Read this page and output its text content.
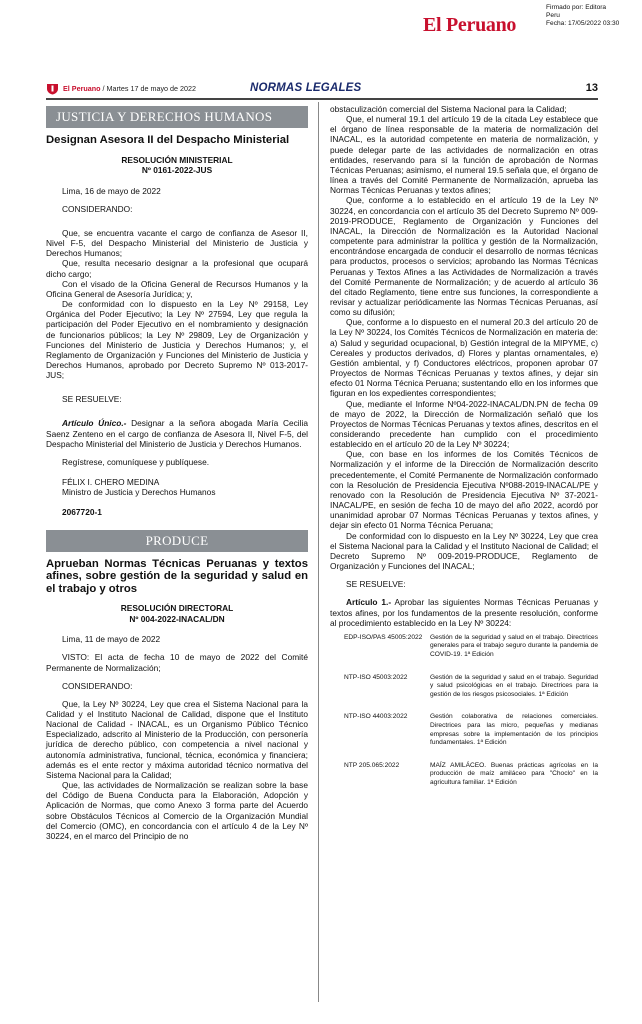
El Peruano
Firmado por: Editora
Peru
Fecha: 17/05/2022 03:30
El Peruano / Martes 17 de mayo de 2022	NORMAS LEGALES	13
JUSTICIA Y DERECHOS HUMANOS
Designan Asesora II del Despacho Ministerial
RESOLUCIÓN MINISTERIAL
Nº 0161-2022-JUS

Lima, 16 de mayo de 2022

CONSIDERANDO:

Que, se encuentra vacante el cargo de confianza de Asesor II, Nivel F-5, del Despacho Ministerial del Ministerio de Justicia y Derechos Humanos;

Que, resulta necesario designar a la profesional que ocupará dicho cargo;

Con el visado de la Oficina General de Recursos Humanos y la Oficina General de Asesoría Jurídica; y,

De conformidad con lo dispuesto en la Ley Nº 29158, Ley Orgánica del Poder Ejecutivo; la Ley Nº 27594, Ley que regula la participación del Poder Ejecutivo en el nombramiento y designación de funcionarios públicos; la Ley Nº 29809, Ley de Organización y Funciones del Ministerio de Justicia y Derechos Humanos; y, el Reglamento de Organización y Funciones del Ministerio de Justicia y Derechos Humanos, aprobado por Decreto Supremo Nº 013-2017-JUS;

SE RESUELVE:

Artículo Único.- Designar a la señora abogada María Cecilia Saenz Zenteno en el cargo de confianza de Asesora II, Nivel F-5, del Despacho Ministerial del Ministerio de Justicia y Derechos Humanos.

Regístrese, comuníquese y publíquese.

FÉLIX I. CHERO MEDINA
Ministro de Justicia y Derechos Humanos
2067720-1
PRODUCE
Aprueban Normas Técnicas Peruanas y textos afines, sobre gestión de la seguridad y salud en el trabajo y otros
RESOLUCIÓN DIRECTORAL
Nº 004-2022-INACAL/DN

Lima, 11 de mayo de 2022

VISTO: El acta de fecha 10 de mayo de 2022 del Comité Permanente de Normalización;

CONSIDERANDO:

Que, la Ley Nº 30224, Ley que crea el Sistema Nacional para la Calidad y el Instituto Nacional de Calidad, dispone que el Instituto Nacional de Calidad - INACAL, es un Organismo Público Técnico Especializado, adscrito al Ministerio de la Producción, con personería jurídica de derecho público, con competencia a nivel nacional y autonomía administrativa, funcional, técnica, económica y financiera; además es el ente rector y máxima autoridad técnico normativa del Sistema Nacional para la Calidad;

Que, las actividades de Normalización se realizan sobre la base del Código de Buena Conducta para la Elaboración, Adopción y Aplicación de Normas, que como Anexo 3 forma parte del Acuerdo sobre Obstáculos Técnicos al Comercio de la Organización Mundial del Comercio (OMC), en concordancia con el artículo 4 de la Ley Nº 30224, en el marco del Principio de no

obstaculización comercial del Sistema Nacional para la Calidad;

Que, el numeral 19.1 del artículo 19 de la citada Ley establece que el órgano de línea responsable de la materia de normalización del INACAL, es la autoridad competente en materia de normalización, y puede delegar parte de las actividades de normalización en otras entidades, reservando para sí la función de aprobación de Normas Técnicas Peruanas; asimismo, el numeral 19.5 señala que, el órgano de línea a través del Comité Permanente de Normalización, aprueba las Normas Técnicas Peruanas y textos afines;

Que, conforme a lo establecido en el artículo 19 de la Ley Nº 30224, en concordancia con el artículo 35 del Decreto Supremo Nº 009-2019-PRODUCE, Reglamento de Organización y Funciones del INACAL, la Dirección de Normalización es la Autoridad Nacional competente para administrar la política y gestión de la Normalización, encontrándose encargada de conducir el desarrollo de normas técnicas para productos, procesos o servicios; aprobando las Normas Técnicas Peruanas y Textos Afines a las Actividades de Normalización a través del Comité Permanente de Normalización; y de acuerdo al artículo 36 del citado Reglamento, tiene entre sus funciones, la correspondiente a revisar y actualizar periódicamente las Normas Técnicas Peruanas, así como su difusión;

Que, conforme a lo dispuesto en el numeral 20.3 del artículo 20 de la Ley Nº 30224, los Comités Técnicos de Normalización en materia de: a) Salud y seguridad ocupacional, b) Gestión integral de la MIPYME, c) Cereales y productos derivados, d) Flores y plantas ornamentales, e) Gestión ambiental, y f) Conductores eléctricos, proponen aprobar 07 Proyectos de Normas Técnicas Peruanas y textos afines, y dejar sin efecto 01 Norma Técnica Peruana; sustentando ello en los informes que figuran en los expedientes correspondientes;

Que, mediante el Informe Nº04-2022-INACAL/DN.PN de fecha 09 de mayo de 2022, la Dirección de Normalización señaló que los Proyectos de Normas Técnicas Peruanas y textos afines, descritos en el considerando precedente han cumplido con el procedimiento establecido en el artículo 20 de la Ley Nº 30224;

Que, con base en los informes de los Comités Técnicos de Normalización y el informe de la Dirección de Normalización descrito precedentemente, el Comité Permanente de Normalización conformado con la Resolución de Presidencia Ejecutiva Nº088-2019-INACAL/PE y renovado con la Resolución de Presidencia Ejecutiva Nº 37-2021-INACAL/PE, en sesión de fecha 10 de mayo del año 2022, acordó por unanimidad aprobar 07 Normas Técnicas Peruanas y textos afines, y dejar sin efecto 01 Norma Técnica Peruana;

De conformidad con lo dispuesto en la Ley Nº 30224, Ley que crea el Sistema Nacional para la Calidad y el Instituto Nacional de Calidad; el Decreto Supremo Nº 009-2019-PRODUCE, Reglamento de Organización y Funciones del INACAL;

SE RESUELVE:

Artículo 1.- Aprobar las siguientes Normas Técnicas Peruanas y textos afines, por los fundamentos de la presente resolución, conforme al procedimiento establecido en la Ley Nº 30224:

EDP-ISO/PAS 45005:2022	Gestión de la seguridad y salud en el trabajo. Directrices generales para el trabajo seguro durante la pandemia de COVID-19. 1ª Edición
NTP-ISO 45003:2022	Gestión de la seguridad y salud en el trabajo. Seguridad y salud psicológicas en el trabajo. Directrices para la gestión de los riesgos psicosociales. 1ª Edición
NTP-ISO 44003:2022	Gestión colaborativa de relaciones comerciales. Directrices para las micro, pequeñas y medianas empresas sobre la implementación de los principios fundamentales. 1ª Edición
NTP 205.065:2022	MAÍZ AMILÁCEO. Buenas prácticas agrícolas en la producción de maíz amiláceo para "Choclo" en la agricultura familiar. 1ª Edición
